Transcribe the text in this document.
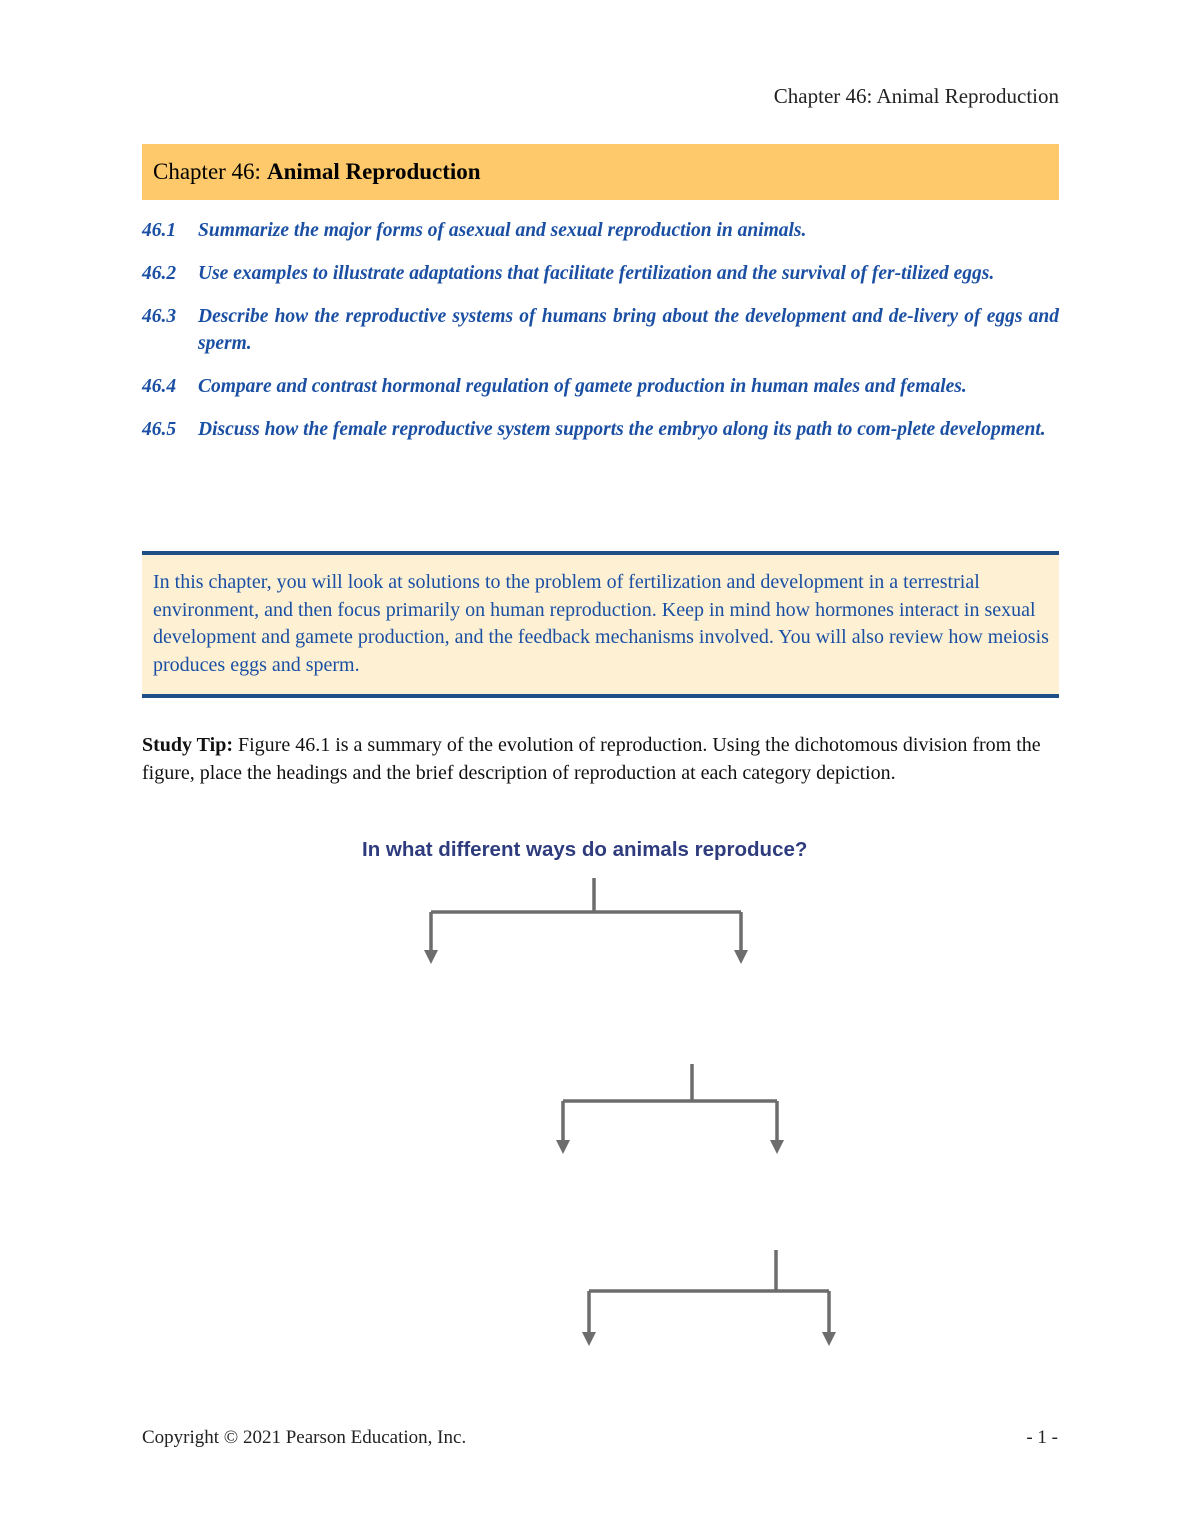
Chapter 46: Animal Reproduction
Chapter 46: Animal Reproduction
46.1	Summarize the major forms of asexual and sexual reproduction in animals.
46.2	Use examples to illustrate adaptations that facilitate fertilization and the survival of fer-tilized eggs.
46.3	Describe how the reproductive systems of humans bring about the development and de-livery of eggs and sperm.
46.4	Compare and contrast hormonal regulation of gamete production in human males and females.
46.5	Discuss how the female reproductive system supports the embryo along its path to com-plete development.

In this chapter, you will look at solutions to the problem of fertilization and development in a terrestrial environment, and then focus primarily on human reproduction. Keep in mind how hormones interact in sexual development and gamete production, and the feedback mechanisms involved. You will also review how meiosis produces eggs and sperm.

Study Tip: Figure 46.1 is a summary of the evolution of reproduction. Using the dichotomous division from the figure, place the headings and the brief description of reproduction at each category depiction.

In what different ways do animals reproduce?
Copyright © 2021 Pearson Education, Inc.	- 1 -
